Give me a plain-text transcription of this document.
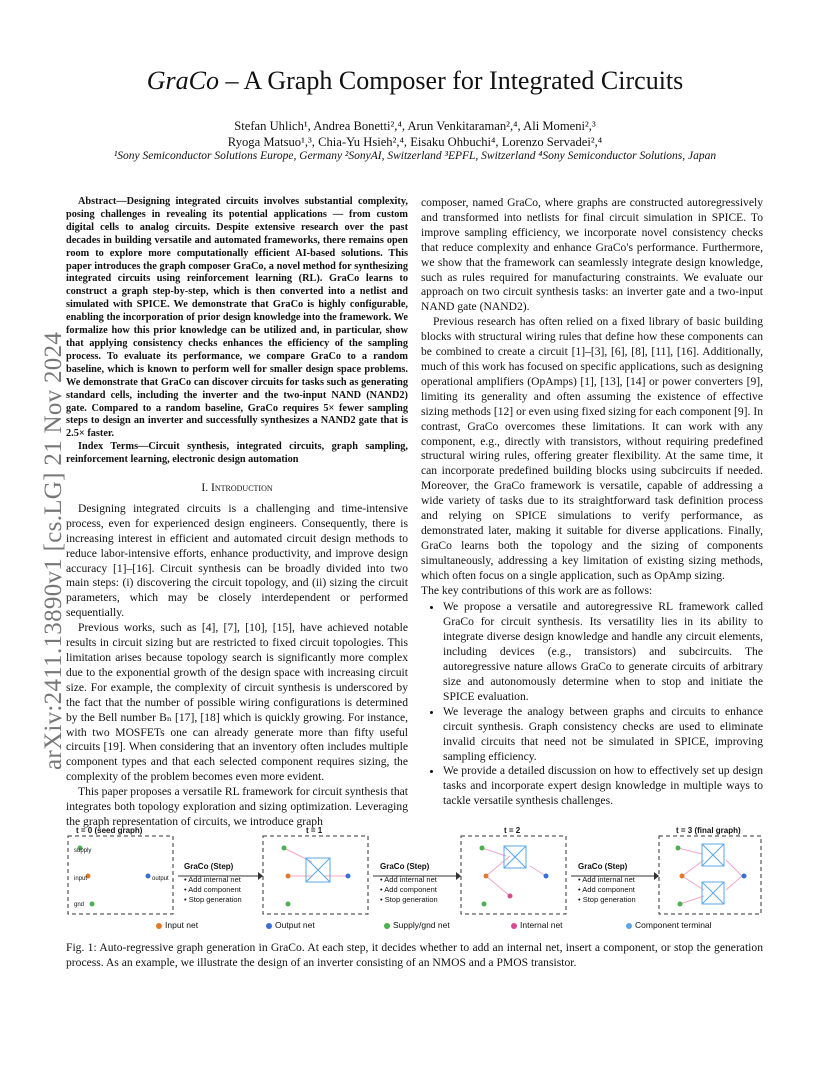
arXiv:2411.13890v1 [cs.LG] 21 Nov 2024
GraCo – A Graph Composer for Integrated Circuits
Stefan Uhlich¹, Andrea Bonetti²,⁴, Arun Venkitaraman²,⁴, Ali Momeni²,³
Ryoga Matsuo¹,³, Chia-Yu Hsieh²,⁴, Eisaku Ohbuchi⁴, Lorenzo Servadei²,⁴
¹Sony Semiconductor Solutions Europe, Germany ²SonyAI, Switzerland ³EPFL, Switzerland ⁴Sony Semiconductor Solutions, Japan

Abstract—Designing integrated circuits involves substantial complexity, posing challenges in revealing its potential applications — from custom digital cells to analog circuits. Despite extensive research over the past decades in building versatile and automated frameworks, there remains open room to explore more computationally efficient AI-based solutions. This paper introduces the graph composer GraCo, a novel method for synthesizing integrated circuits using reinforcement learning (RL). GraCo learns to construct a graph step-by-step, which is then converted into a netlist and simulated with SPICE. We demonstrate that GraCo is highly configurable, enabling the incorporation of prior design knowledge into the framework. We formalize how this prior knowledge can be utilized and, in particular, show that applying consistency checks enhances the efficiency of the sampling process. To evaluate its performance, we compare GraCo to a random baseline, which is known to perform well for smaller design space problems. We demonstrate that GraCo can discover circuits for tasks such as generating standard cells, including the inverter and the two-input NAND (NAND2) gate. Compared to a random baseline, GraCo requires 5× fewer sampling steps to design an inverter and successfully synthesizes a NAND2 gate that is 2.5× faster.

Index Terms—Circuit synthesis, integrated circuits, graph sampling, reinforcement learning, electronic design automation

I. Introduction

Designing integrated circuits is a challenging and time-intensive process, even for experienced design engineers. Consequently, there is increasing interest in efficient and automated circuit design methods to reduce labor-intensive efforts, enhance productivity, and improve design accuracy [1]–[16]. Circuit synthesis can be broadly divided into two main steps: (i) discovering the circuit topology, and (ii) sizing the circuit parameters, which may be closely interdependent or performed sequentially.

Previous works, such as [4], [7], [10], [15], have achieved notable results in circuit sizing but are restricted to fixed circuit topologies. This limitation arises because topology search is significantly more complex due to the exponential growth of the design space with increasing circuit size. For example, the complexity of circuit synthesis is underscored by the fact that the number of possible wiring configurations is determined by the Bell number Bₙ [17], [18] which is quickly growing. For instance, with two MOSFETs one can already generate more than fifty useful circuits [19]. When considering that an inventory often includes multiple component types and that each selected component requires sizing, the complexity of the problem becomes even more evident.

This paper proposes a versatile RL framework for circuit synthesis that integrates both topology exploration and sizing optimization. Leveraging the graph representation of circuits, we introduce graph

composer, named GraCo, where graphs are constructed autoregressively and transformed into netlists for final circuit simulation in SPICE. To improve sampling efficiency, we incorporate novel consistency checks that reduce complexity and enhance GraCo's performance. Furthermore, we show that the framework can seamlessly integrate design knowledge, such as rules required for manufacturing constraints. We evaluate our approach on two circuit synthesis tasks: an inverter gate and a two-input NAND gate (NAND2).

Previous research has often relied on a fixed library of basic building blocks with structural wiring rules that define how these components can be combined to create a circuit [1]–[3], [6], [8], [11], [16]. Additionally, much of this work has focused on specific applications, such as designing operational amplifiers (OpAmps) [1], [13], [14] or power converters [9], limiting its generality and often assuming the existence of effective sizing methods [12] or even using fixed sizing for each component [9]. In contrast, GraCo overcomes these limitations. It can work with any component, e.g., directly with transistors, without requiring predefined structural wiring rules, offering greater flexibility. At the same time, it can incorporate predefined building blocks using subcircuits if needed. Moreover, the GraCo framework is versatile, capable of addressing a wide variety of tasks due to its straightforward task definition process and relying on SPICE simulations to verify performance, as demonstrated later, making it suitable for diverse applications. Finally, GraCo learns both the topology and the sizing of components simultaneously, addressing a key limitation of existing sizing methods, which often focus on a single application, such as OpAmp sizing.

The key contributions of this work are as follows:

• We propose a versatile and autoregressive RL framework called GraCo for circuit synthesis. Its versatility lies in its ability to integrate diverse design knowledge and handle any circuit elements, including devices (e.g., transistors) and subcircuits. The autoregressive nature allows GraCo to generate circuits of arbitrary size and autonomously determine when to stop and initiate the SPICE evaluation.
• We leverage the analogy between graphs and circuits to enhance circuit synthesis. Graph consistency checks are used to eliminate invalid circuits that need not be simulated in SPICE, improving sampling efficiency.
• We provide a detailed discussion on how to effectively set up design tasks and incorporate expert design knowledge in multiple ways to tackle versatile synthesis challenges.
t = 0 (seed graph)	t = 1	t = 2	t = 3 (final graph)
supply
input	output
gnd
GraCo (Step)
• Add internal net
• Add component
• Stop generation
GraCo (Step)
• Add internal net
• Add component
• Stop generation
GraCo (Step)
• Add internal net
• Add component
• Stop generation
Input net	Output net	Supply/gnd net	Internal net	Component terminal
Fig. 1: Auto-regressive graph generation in GraCo. At each step, it decides whether to add an internal net, insert a component, or stop the generation process. As an example, we illustrate the design of an inverter consisting of an NMOS and a PMOS transistor.
